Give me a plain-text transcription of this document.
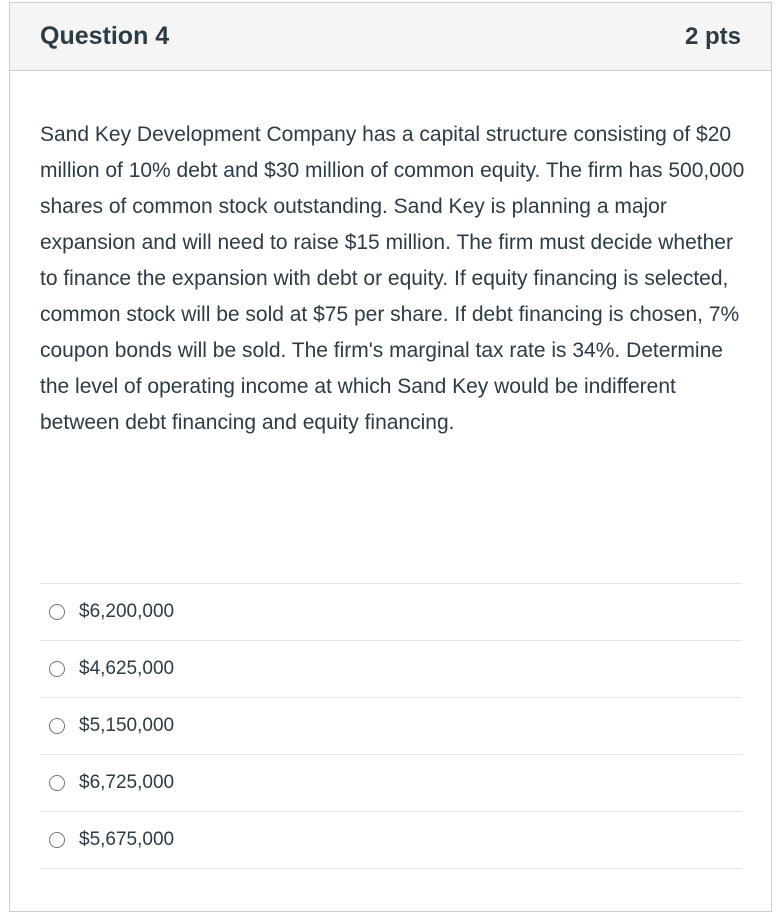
Question 4	2 pts

Sand Key Development Company has a capital structure consisting of $20 million of 10% debt and $30 million of common equity. The firm has 500,000 shares of common stock outstanding. Sand Key is planning a major expansion and will need to raise $15 million. The firm must decide whether to finance the expansion with debt or equity. If equity financing is selected, common stock will be sold at $75 per share. If debt financing is chosen, 7% coupon bonds will be sold. The firm's marginal tax rate is 34%. Determine the level of operating income at which Sand Key would be indifferent between debt financing and equity financing.

$6,200,000
$4,625,000
$5,150,000
$6,725,000
$5,675,000
